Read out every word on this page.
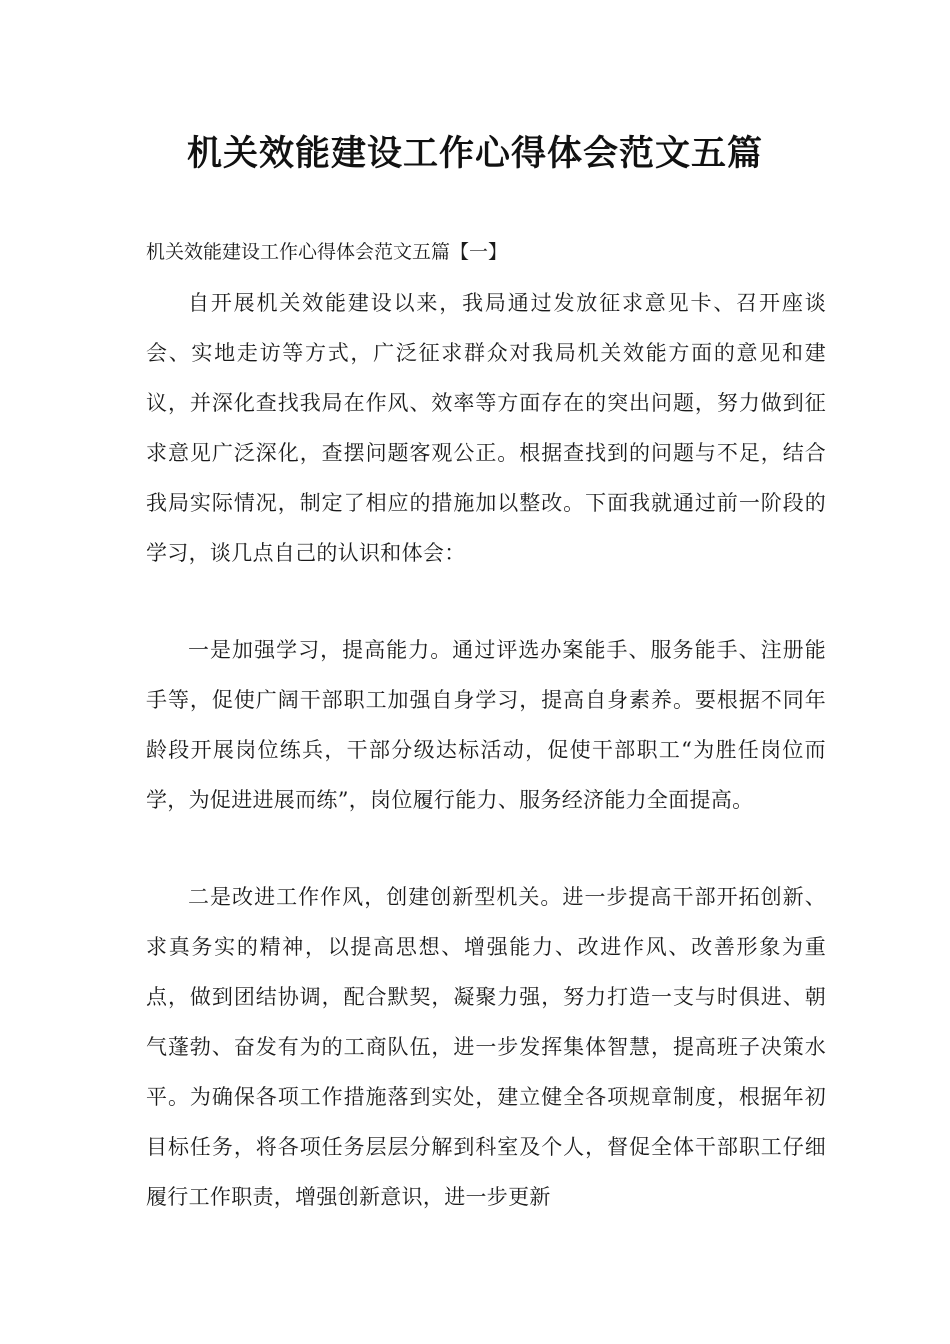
机关效能建设工作心得体会范文五篇

机关效能建设工作心得体会范文五篇【一】

自开展机关效能建设以来，我局通过发放征求意见卡、召开座谈会、实地走访等方式，广泛征求群众对我局机关效能方面的意见和建议，并深化查找我局在作风、效率等方面存在的突出问题，努力做到征求意见广泛深化，查摆问题客观公正。根据查找到的问题与不足，结合我局实际情况，制定了相应的措施加以整改。下面我就通过前一阶段的学习，谈几点自己的认识和体会：

一是加强学习，提高能力。通过评选办案能手、服务能手、注册能手等，促使广阔干部职工加强自身学习，提高自身素养。要根据不同年龄段开展岗位练兵，干部分级达标活动，促使干部职工“为胜任岗位而学，为促进进展而练”，岗位履行能力、服务经济能力全面提高。

二是改进工作作风，创建创新型机关。进一步提高干部开拓创新、求真务实的精神，以提高思想、增强能力、改进作风、改善形象为重点，做到团结协调，配合默契，凝聚力强，努力打造一支与时俱进、朝气蓬勃、奋发有为的工商队伍，进一步发挥集体智慧，提高班子决策水平。为确保各项工作措施落到实处，建立健全各项规章制度，根据年初目标任务，将各项任务层层分解到科室及个人，督促全体干部职工仔细履行工作职责，增强创新意识，进一步更新
